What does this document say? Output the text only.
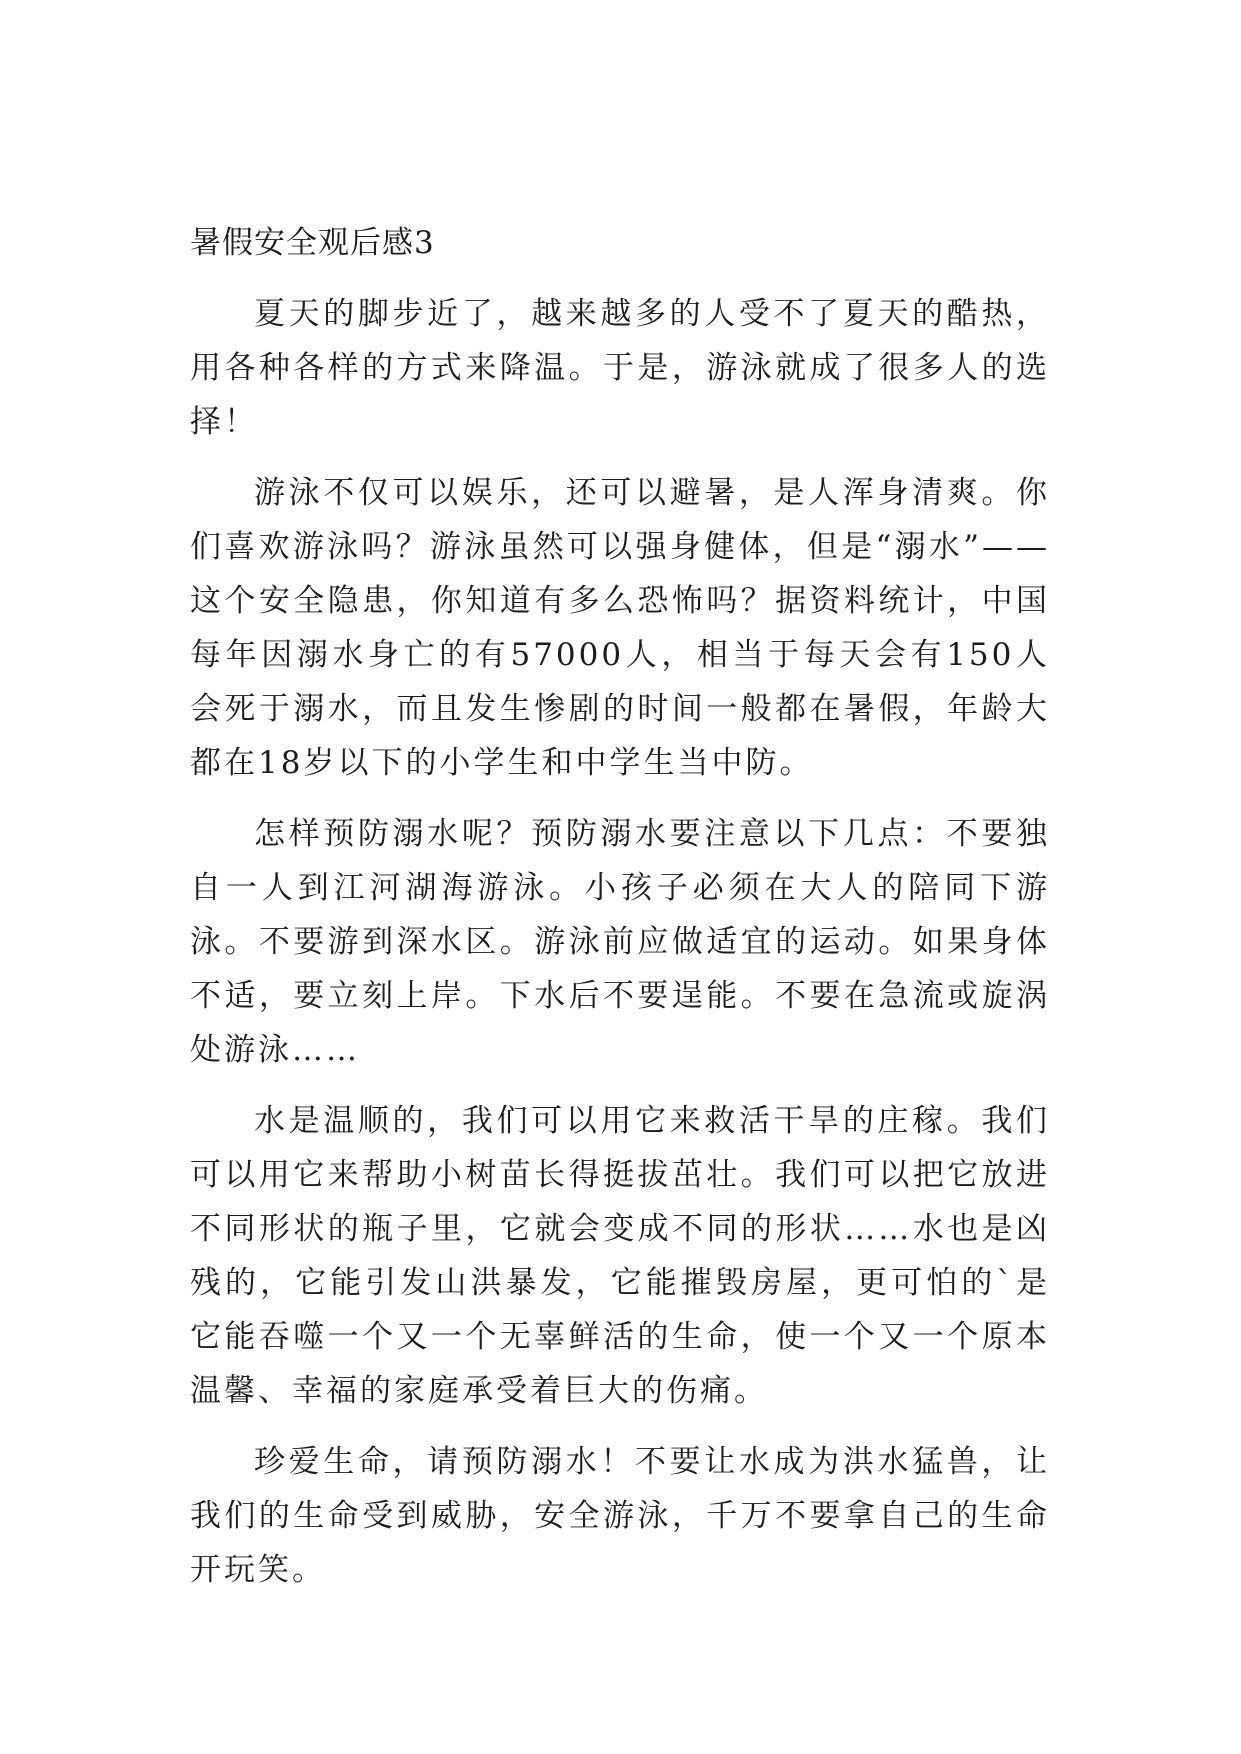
暑假安全观后感3

夏天的脚步近了，越来越多的人受不了夏天的酷热，用各种各样的方式来降温。于是，游泳就成了很多人的选择！

游泳不仅可以娱乐，还可以避暑，是人浑身清爽。你们喜欢游泳吗？游泳虽然可以强身健体，但是“溺水”——这个安全隐患，你知道有多么恐怖吗？据资料统计，中国每年因溺水身亡的有57000人，相当于每天会有150人会死于溺水，而且发生惨剧的时间一般都在暑假，年龄大都在18岁以下的小学生和中学生当中防。

怎样预防溺水呢？预防溺水要注意以下几点：不要独自一人到江河湖海游泳。小孩子必须在大人的陪同下游泳。不要游到深水区。游泳前应做适宜的运动。如果身体不适，要立刻上岸。下水后不要逞能。不要在急流或旋涡处游泳……

水是温顺的，我们可以用它来救活干旱的庄稼。我们可以用它来帮助小树苗长得挺拔茁壮。我们可以把它放进不同形状的瓶子里，它就会变成不同的形状……水也是凶残的，它能引发山洪暴发，它能摧毁房屋，更可怕的`是它能吞噬一个又一个无辜鲜活的生命，使一个又一个原本温馨、幸福的家庭承受着巨大的伤痛。

珍爱生命，请预防溺水！不要让水成为洪水猛兽，让我们的生命受到威胁，安全游泳，千万不要拿自己的生命开玩笑。
